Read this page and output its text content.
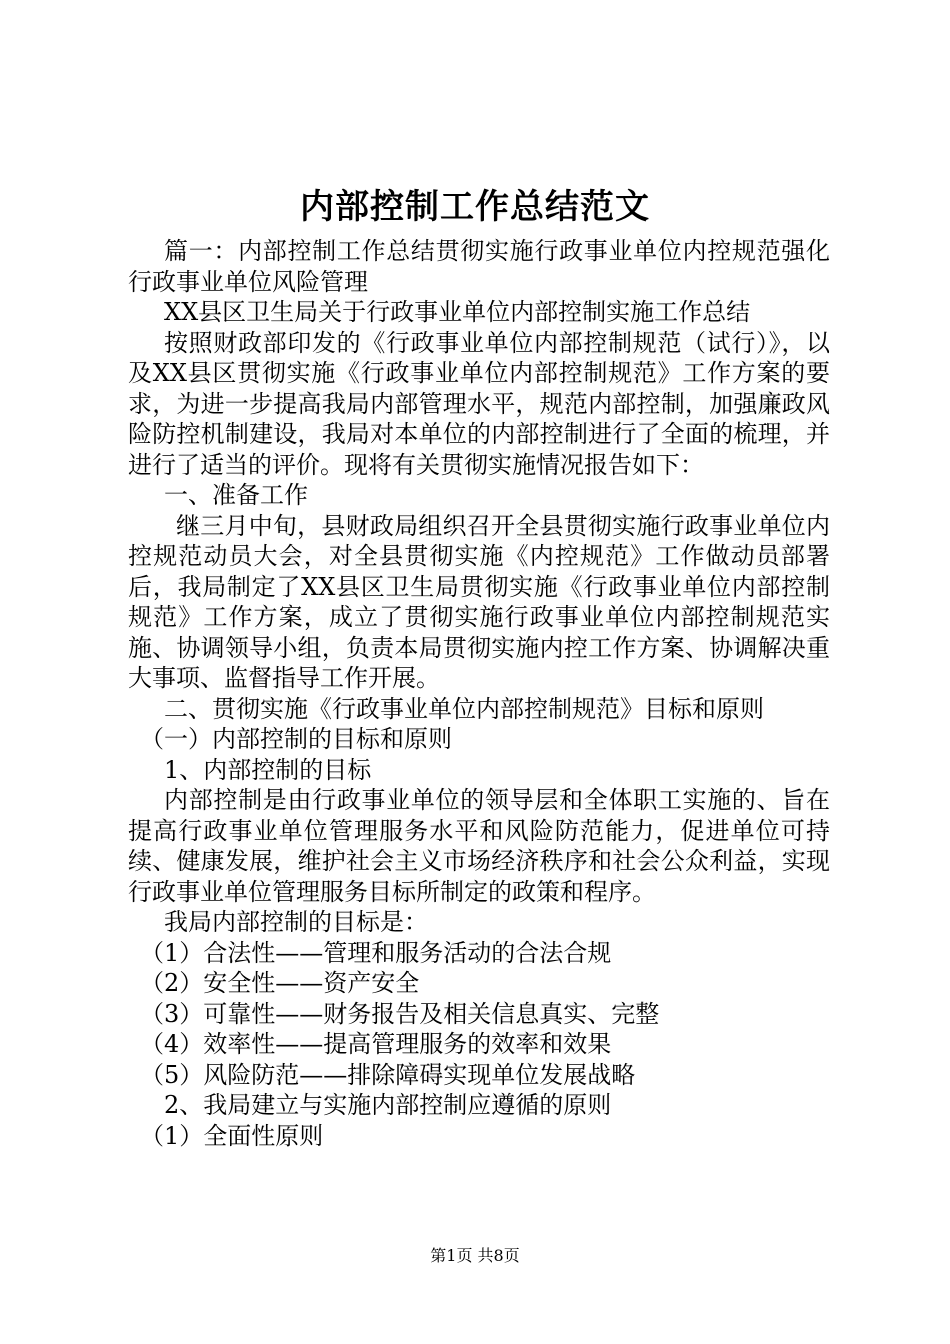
内部控制工作总结范文

篇一：内部控制工作总结贯彻实施行政事业单位内控规范强化行政事业单位风险管理

XX县区卫生局关于行政事业单位内部控制实施工作总结

按照财政部印发的《行政事业单位内部控制规范（试行）》，以及XX县区贯彻实施《行政事业单位内部控制规范》工作方案的要求，为进一步提高我局内部管理水平，规范内部控制，加强廉政风险防控机制建设，我局对本单位的内部控制进行了全面的梳理，并进行了适当的评价。现将有关贯彻实施情况报告如下：

一、准备工作

继三月中旬，县财政局组织召开全县贯彻实施行政事业单位内控规范动员大会，对全县贯彻实施《内控规范》工作做动员部署后，我局制定了XX县区卫生局贯彻实施《行政事业单位内部控制规范》工作方案，成立了贯彻实施行政事业单位内部控制规范实施、协调领导小组，负责本局贯彻实施内控工作方案、协调解决重大事项、监督指导工作开展。

二、贯彻实施《行政事业单位内部控制规范》目标和原则

（一）内部控制的目标和原则

1、内部控制的目标

内部控制是由行政事业单位的领导层和全体职工实施的、旨在提高行政事业单位管理服务水平和风险防范能力，促进单位可持续、健康发展，维护社会主义市场经济秩序和社会公众利益，实现行政事业单位管理服务目标所制定的政策和程序。

我局内部控制的目标是：

（1）合法性——管理和服务活动的合法合规

（2）安全性——资产安全

（3）可靠性——财务报告及相关信息真实、完整

（4）效率性——提高管理服务的效率和效果

（5）风险防范——排除障碍实现单位发展战略

2、我局建立与实施内部控制应遵循的原则

（1）全面性原则

第1页 共8页
